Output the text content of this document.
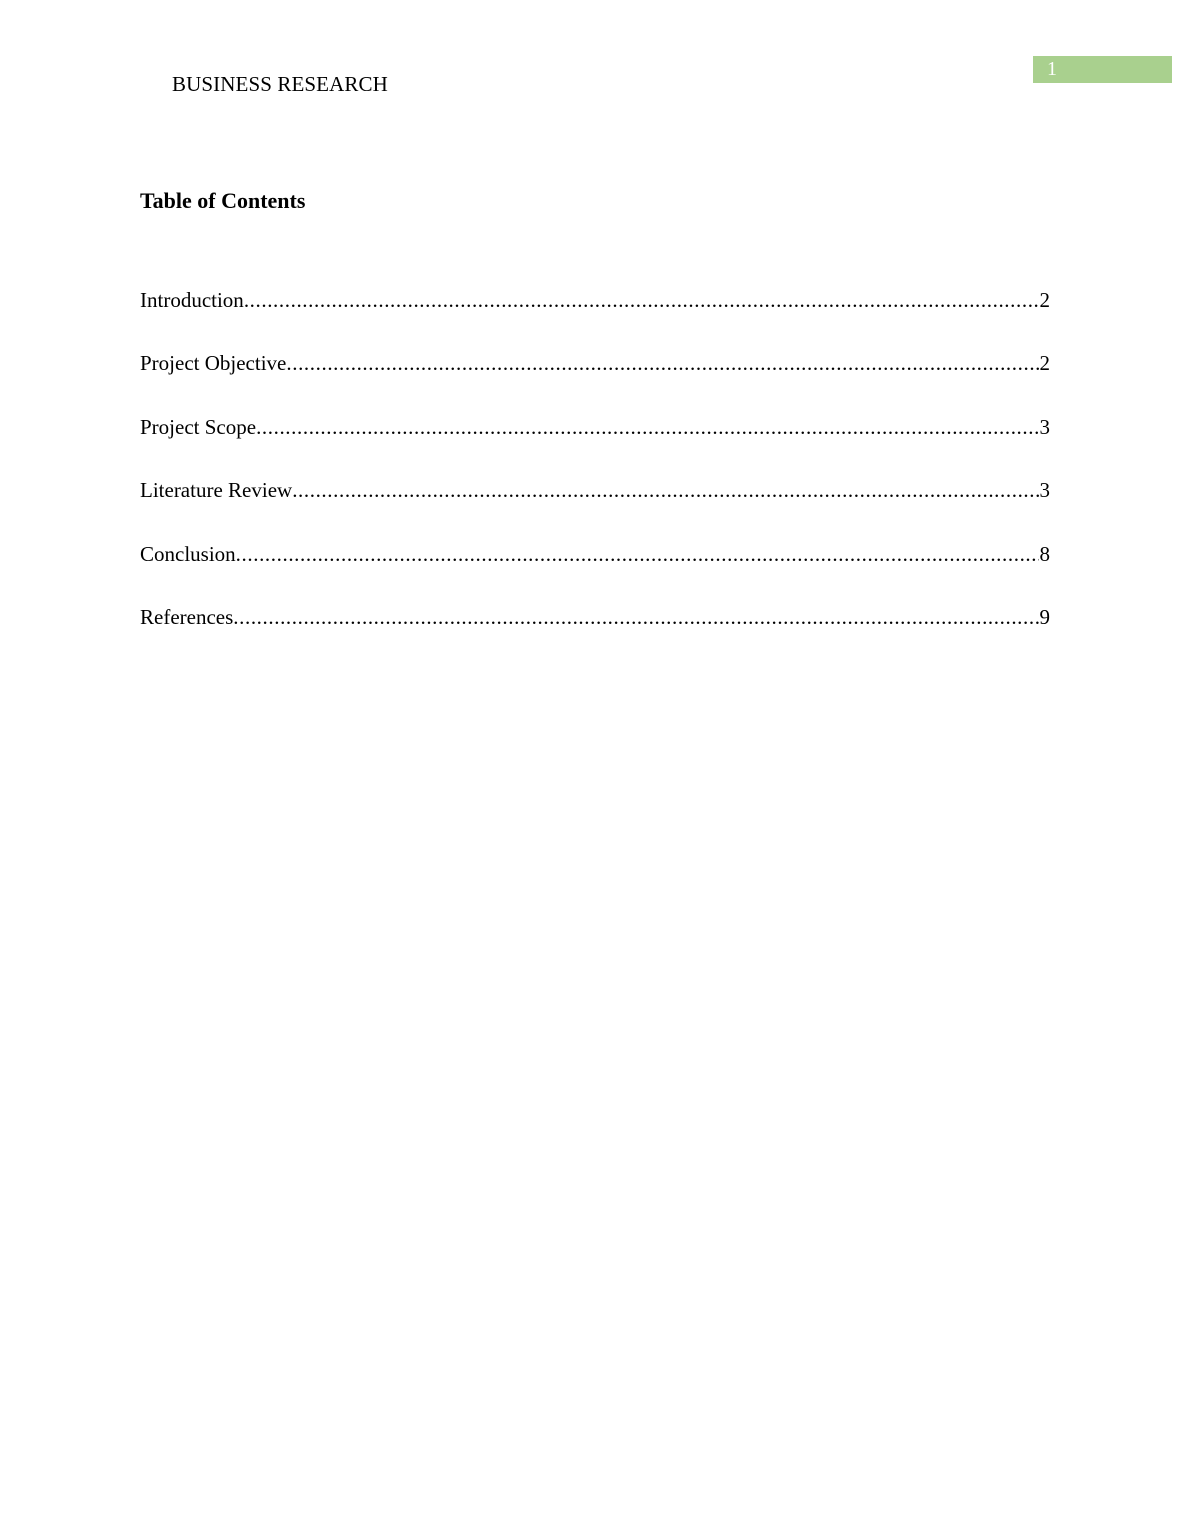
1
BUSINESS RESEARCH
Table of Contents
Introduction .....	2
Project Objective .....	2
Project Scope .....	3
Literature Review .....	3
Conclusion .....	8
References .....	9
